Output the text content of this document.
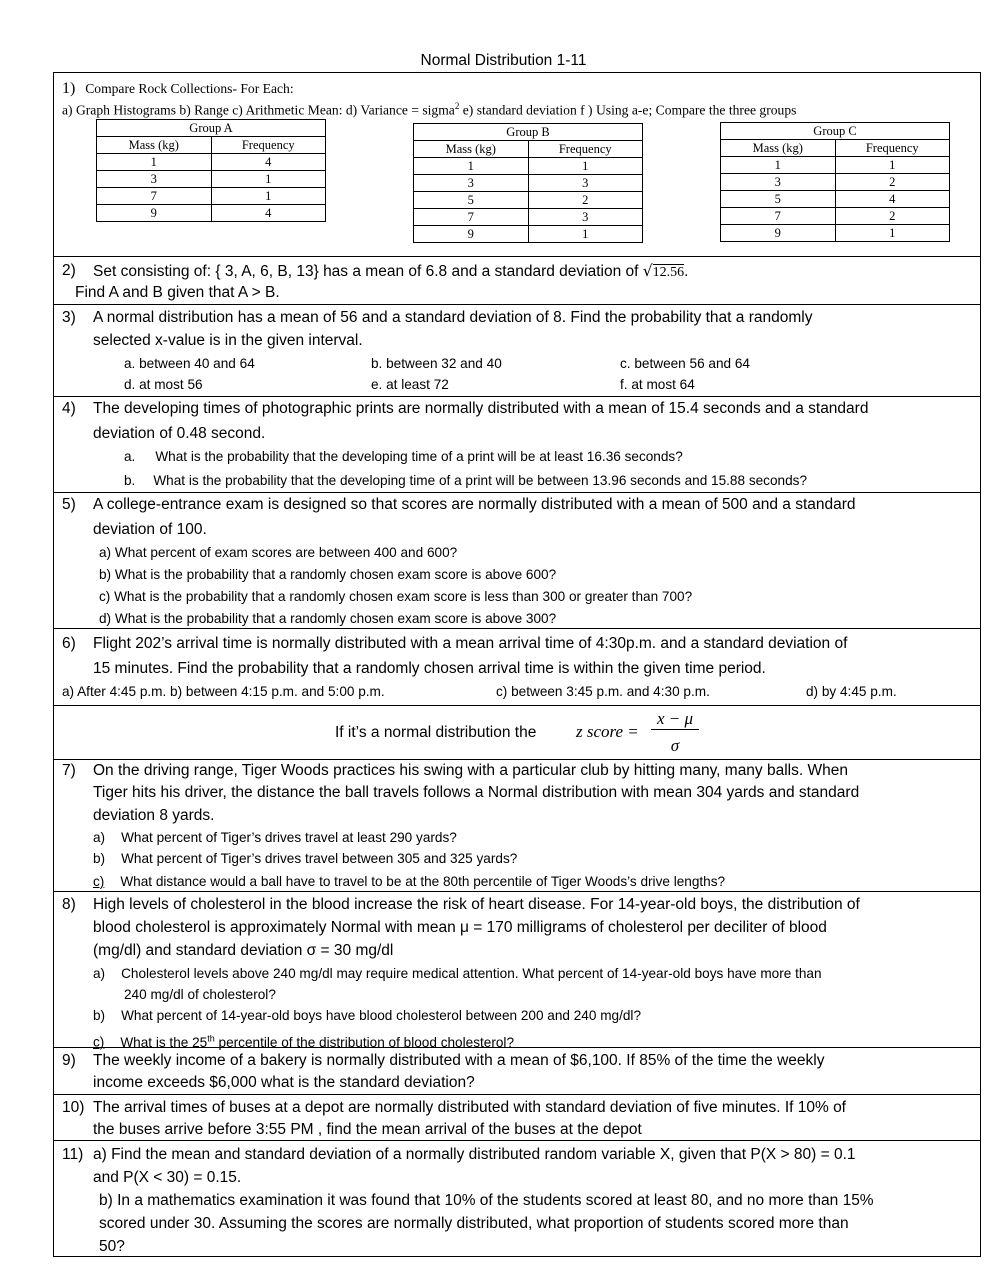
Normal Distribution 1-11
1) Compare Rock Collections- For Each:
a) Graph Histograms b) Range c) Arithmetic Mean: d) Variance = sigma$^2$ e) standard deviation f ) Using a-e; Compare the three groups
Group A	
Mass (kg)	Frequency
1	4
3	1
7	1
9	4
Group B	
Mass (kg)	Frequency
1	1
3	3
5	2
7	3
9	1
Group C	
Mass (kg)	Frequency
1	1
3	2
5	4
7	2
9	1
2) Set consisting of: { 3, A, 6, B, 13} has a mean of 6.8 and a standard deviation of √12.56.
Find A and B given that A > B.
3) A normal distribution has a mean of 56 and a standard deviation of 8. Find the probability that a randomly
selected x-value is in the given interval.
a. between 40 and 64	b. between 32 and 40	c. between 56 and 64
d. at most 56	e. at least 72	f. at most 64
4) The developing times of photographic prints are normally distributed with a mean of 15.4 seconds and a standard
deviation of 0.48 second.
a. What is the probability that the developing time of a print will be at least 16.36 seconds?
b. What is the probability that the developing time of a print will be between 13.96 seconds and 15.88 seconds?
5) A college-entrance exam is designed so that scores are normally distributed with a mean of 500 and a standard
deviation of 100.
a) What percent of exam scores are between 400 and 600?
b) What is the probability that a randomly chosen exam score is above 600?
c) What is the probability that a randomly chosen exam score is less than 300 or greater than 700?
d) What is the probability that a randomly chosen exam score is above 300?
6) Flight 202’s arrival time is normally distributed with a mean arrival time of 4:30p.m. and a standard deviation of
15 minutes. Find the probability that a randomly chosen arrival time is within the given time period.
a) After 4:45 p.m. b) between 4:15 p.m. and 5:00 p.m.	c) between 3:45 p.m. and 4:30 p.m.	d) by 4:45 p.m.
If it’s a normal distribution the z score =
x − μ
σ
7) On the driving range, Tiger Woods practices his swing with a particular club by hitting many, many balls. When
Tiger hits his driver, the distance the ball travels follows a Normal distribution with mean 304 yards and standard
deviation 8 yards.
a) What percent of Tiger’s drives travel at least 290 yards?
b) What percent of Tiger’s drives travel between 305 and 325 yards?
c) What distance would a ball have to travel to be at the 80th percentile of Tiger Woods’s drive lengths?
8) High levels of cholesterol in the blood increase the risk of heart disease. For 14-year-old boys, the distribution of
blood cholesterol is approximately Normal with mean μ = 170 milligrams of cholesterol per deciliter of blood
(mg/dl) and standard deviation σ = 30 mg/dl
a) Cholesterol levels above 240 mg/dl may require medical attention. What percent of 14-year-old boys have more than
240 mg/dl of cholesterol?
b) What percent of 14-year-old boys have blood cholesterol between 200 and 240 mg/dl?
c) What is the 25th percentile of the distribution of blood cholesterol?
9) The weekly income of a bakery is normally distributed with a mean of $6,100. If 85% of the time the weekly
income exceeds $6,000 what is the standard deviation?
10) The arrival times of buses at a depot are normally distributed with standard deviation of five minutes. If 10% of
the buses arrive before 3:55 PM , find the mean arrival of the buses at the depot
11) a) Find the mean and standard deviation of a normally distributed random variable X, given that P(X > 80) = 0.1
and P(X < 30) = 0.15.
b) In a mathematics examination it was found that 10% of the students scored at least 80, and no more than 15%
scored under 30. Assuming the scores are normally distributed, what proportion of students scored more than
50?
